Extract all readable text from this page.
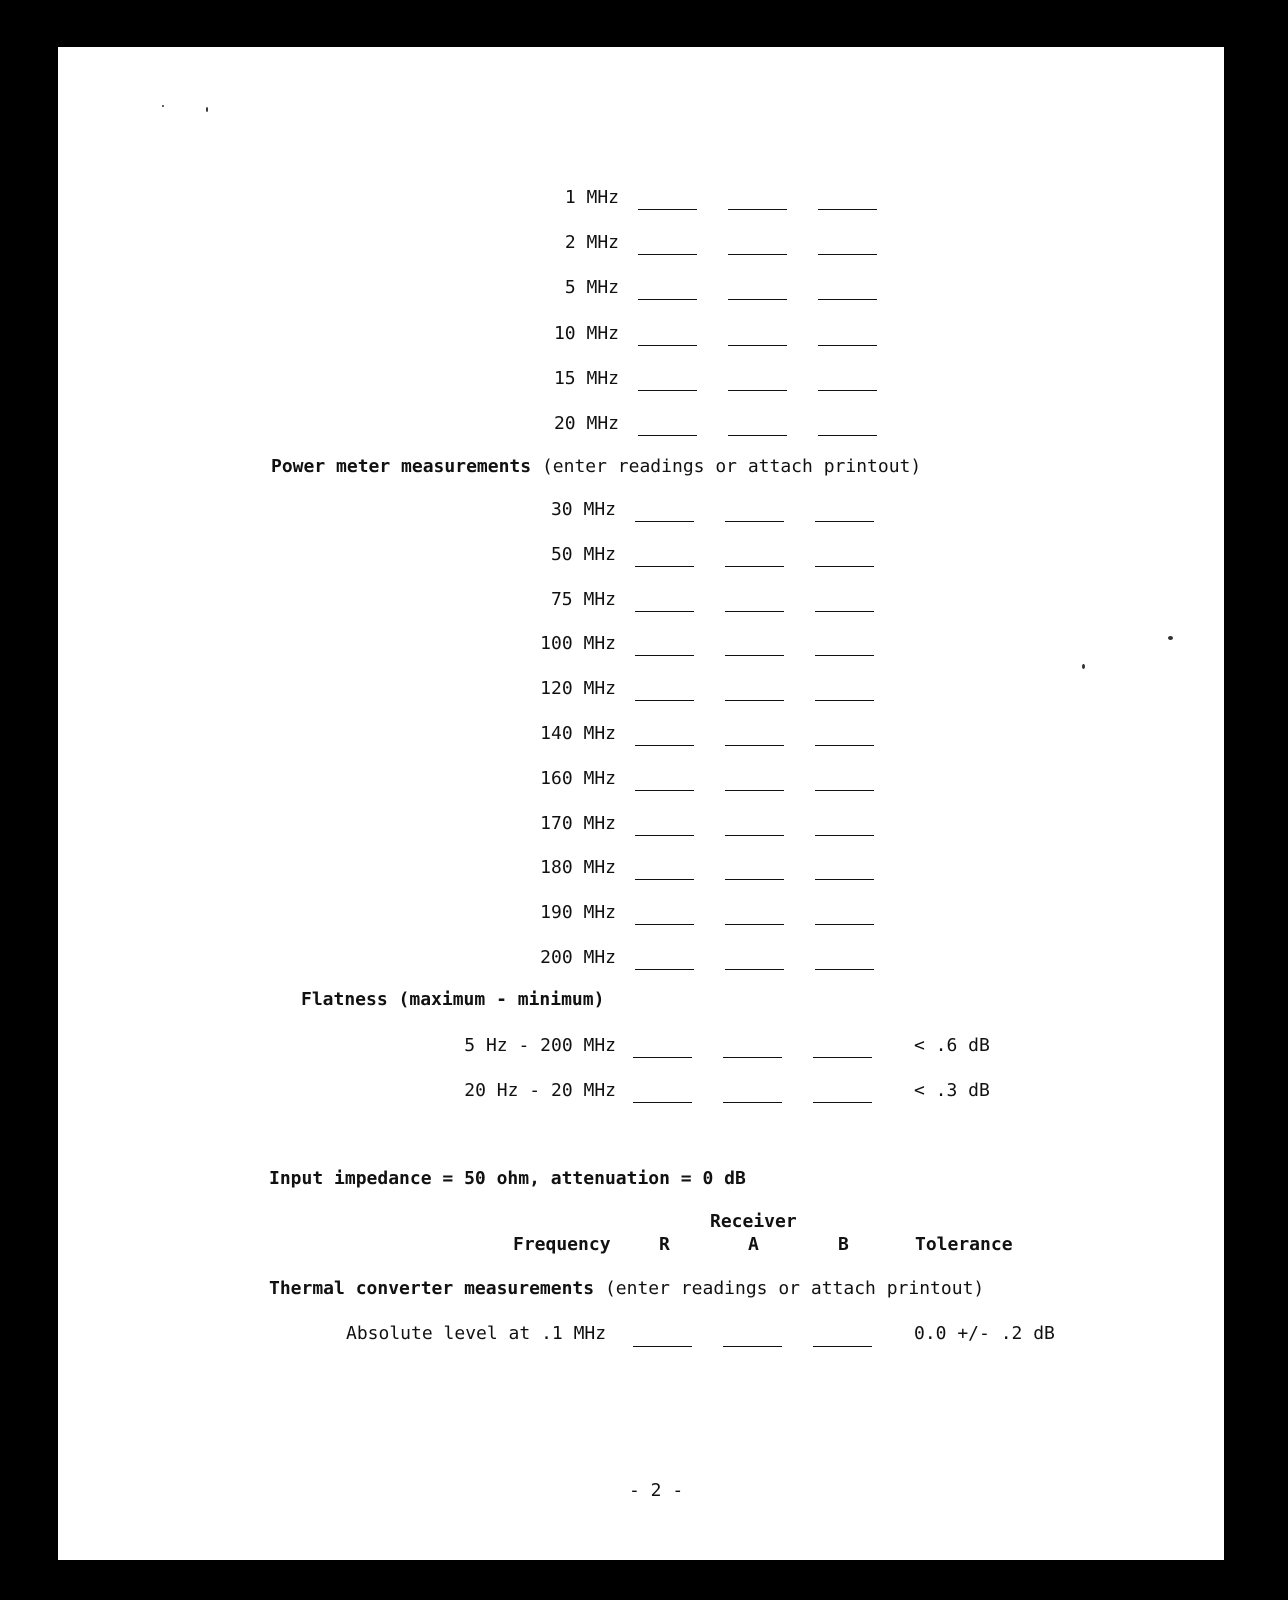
1 MHz
2 MHz
5 MHz
10 MHz
15 MHz
20 MHz
Power meter measurements (enter readings or attach printout)
30 MHz
50 MHz
75 MHz
100 MHz
120 MHz
140 MHz
160 MHz
170 MHz
180 MHz
190 MHz
200 MHz
Flatness (maximum - minimum)
5 Hz - 200 MHz	< .6 dB
20 Hz - 20 MHz	< .3 dB
Input impedance = 50 ohm, attenuation = 0 dB
Receiver
Frequency	R	A	B	Tolerance
Thermal converter measurements (enter readings or attach printout)
Absolute level at .1 MHz	0.0 +/- .2 dB
- 2 -
